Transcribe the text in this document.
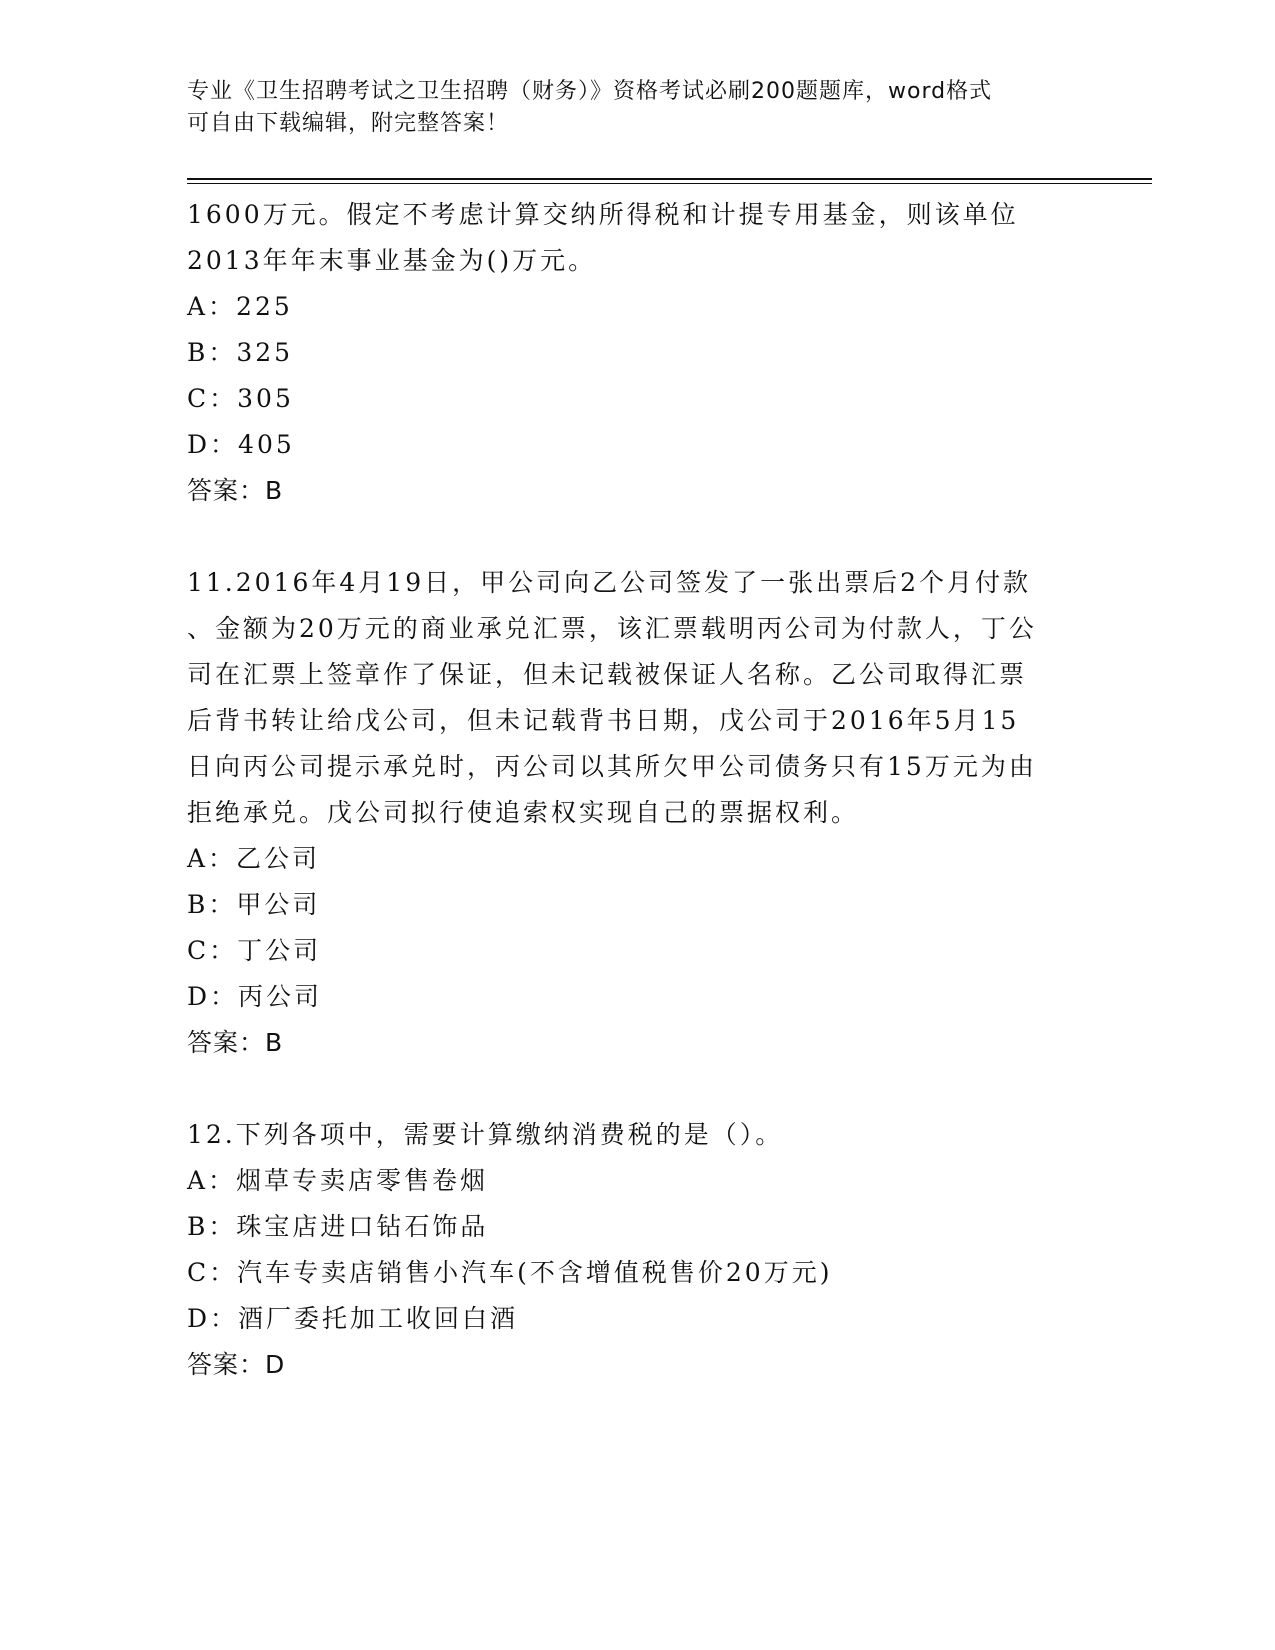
专业《卫生招聘考试之卫生招聘（财务）》资格考试必刷200题题库，word格式
可自由下载编辑，附完整答案！
1600万元。假定不考虑计算交纳所得税和计提专用基金，则该单位
2013年年末事业基金为()万元。
A：225
B：325
C：305
D：405
答案：B
11.2016年4月19日，甲公司向乙公司签发了一张出票后2个月付款
、金额为20万元的商业承兑汇票，该汇票载明丙公司为付款人，丁公
司在汇票上签章作了保证，但未记载被保证人名称。乙公司取得汇票
后背书转让给戊公司，但未记载背书日期，戊公司于2016年5月15
日向丙公司提示承兑时，丙公司以其所欠甲公司债务只有15万元为由
拒绝承兑。戊公司拟行使追索权实现自己的票据权利。
A：乙公司
B：甲公司
C：丁公司
D：丙公司
答案：B
12.下列各项中，需要计算缴纳消费税的是（）。
A：烟草专卖店零售卷烟
B：珠宝店进口钻石饰品
C：汽车专卖店销售小汽车(不含增值税售价20万元)
D：酒厂委托加工收回白酒
答案：D
